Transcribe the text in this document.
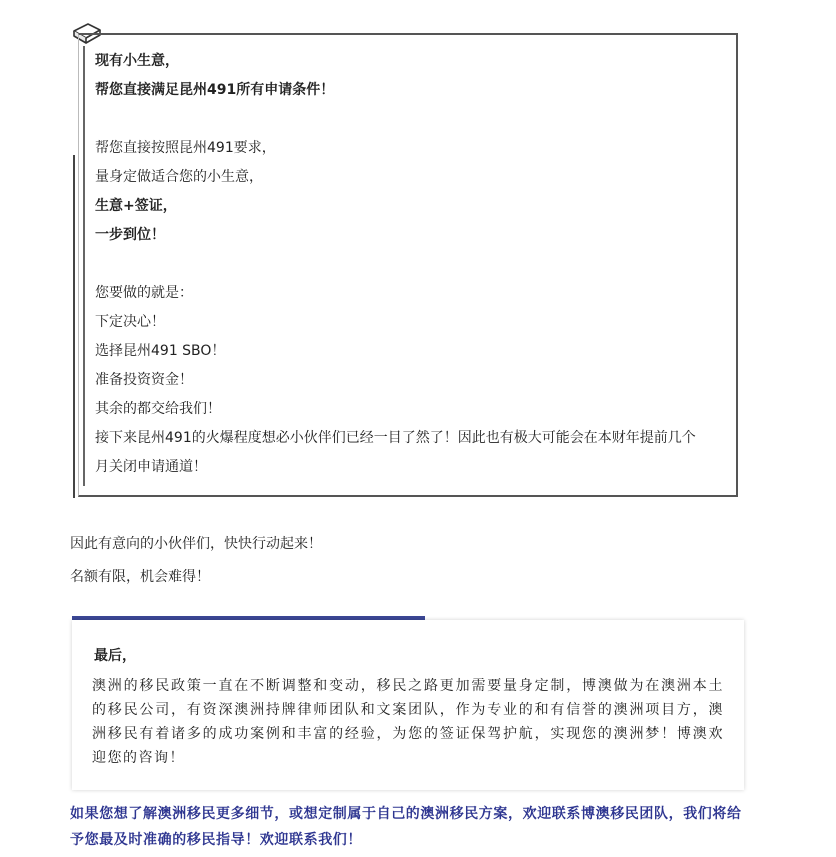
现有小生意，
帮您直接满足昆州491所有申请条件！
帮您直接按照昆州491要求，
量身定做适合您的小生意，
生意+签证，
一步到位！
您要做的就是：
下定决心！
选择昆州491 SBO！
准备投资资金！
其余的都交给我们！
接下来昆州491的火爆程度想必小伙伴们已经一目了然了！因此也有极大可能会在本财年提前几个
月关闭申请通道！
因此有意向的小伙伴们，快快行动起来！
名额有限，机会难得！
最后，
澳洲的移民政策一直在不断调整和变动，移民之路更加需要量身定制，博澳做为在澳洲本土的移民公司，有资深澳洲持牌律师团队和文案团队，作为专业的和有信誉的澳洲项目方，澳洲移民有着诸多的成功案例和丰富的经验，为您的签证保驾护航，实现您的澳洲梦！博澳欢迎您的咨询！
如果您想了解澳洲移民更多细节，或想定制属于自己的澳洲移民方案，欢迎联系博澳移民团队，我们将给予您最及时准确的移民指导！欢迎联系我们！
